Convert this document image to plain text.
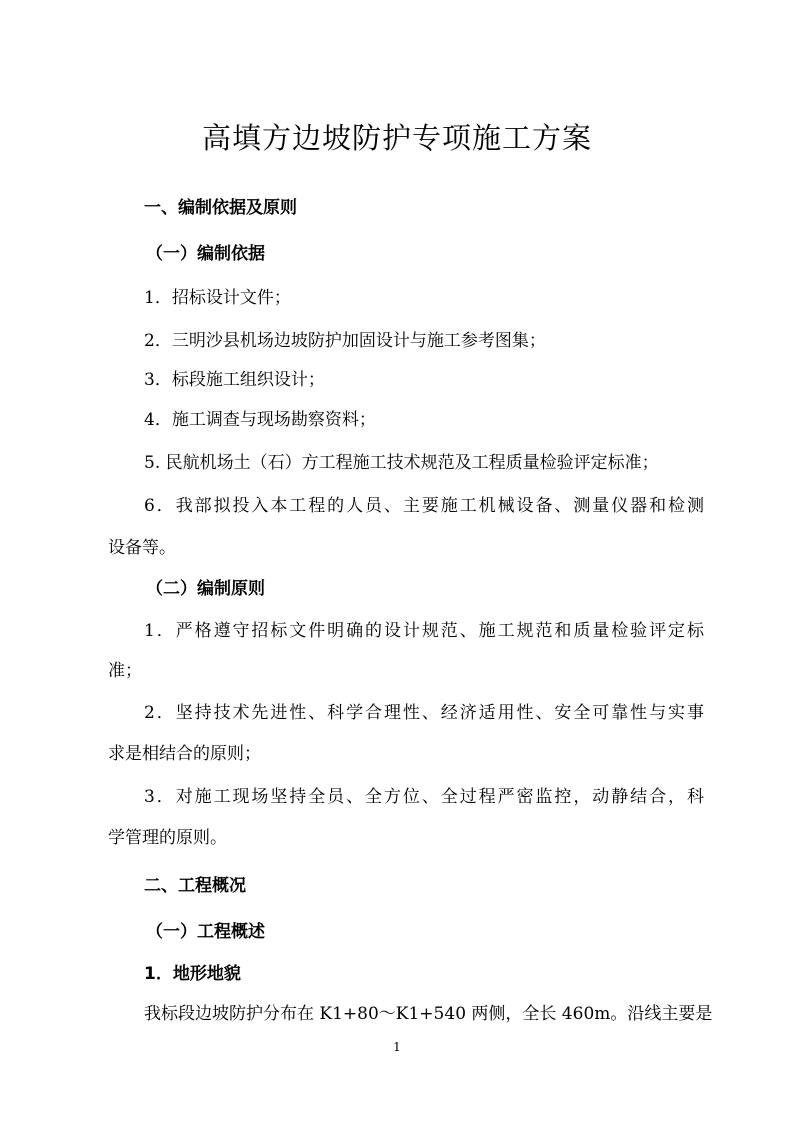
高填方边坡防护专项施工方案
一、编制依据及原则
（一）编制依据
1．招标设计文件；
2．三明沙县机场边坡防护加固设计与施工参考图集；
3．标段施工组织设计；
4．施工调查与现场勘察资料；
5. 民航机场土（石）方工程施工技术规范及工程质量检验评定标准；
6．我部拟投入本工程的人员、主要施工机械设备、测量仪器和检测
设备等。
（二）编制原则
1．严格遵守招标文件明确的设计规范、施工规范和质量检验评定标
准；
2．坚持技术先进性、科学合理性、经济适用性、安全可靠性与实事
求是相结合的原则；
3．对施工现场坚持全员、全方位、全过程严密监控，动静结合，科
学管理的原则。
二、工程概况
（一）工程概述
1．地形地貌
我标段边坡防护分布在 K1+80～K1+540 两侧，全长 460m。沿线主要是
1
